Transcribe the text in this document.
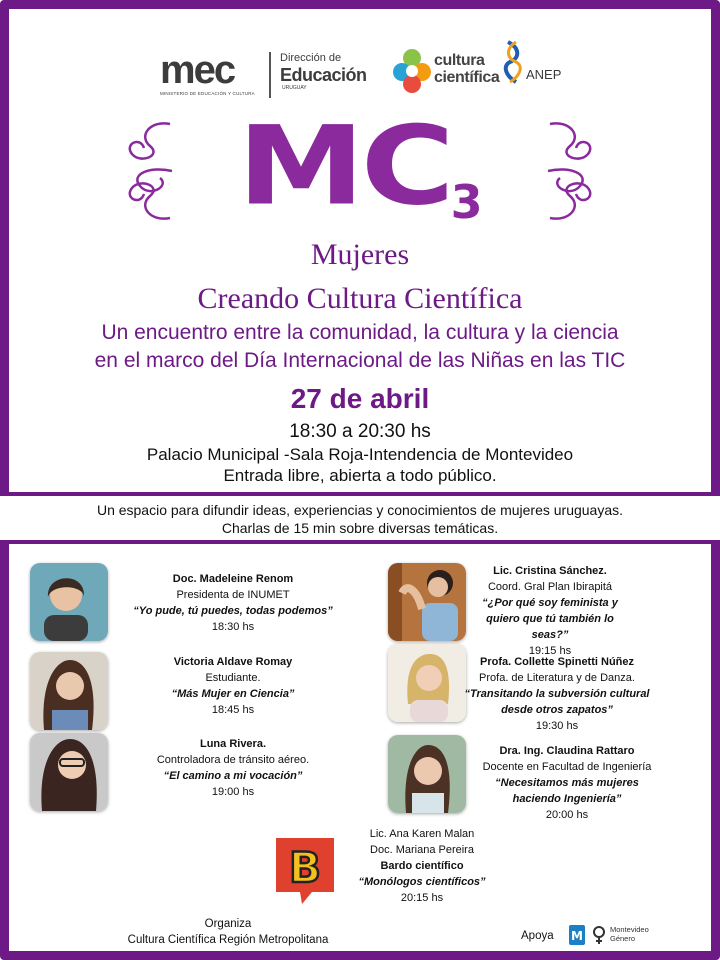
mec
MINISTERIO DE EDUCACIÓN Y CULTURA
Dirección de
Educación
URUGUAY
cultura
científica ANEP
MC3
Mujeres
Creando Cultura Científica
Un encuentro entre la comunidad, la cultura y la ciencia
en el marco del Día Internacional de las Niñas en las TIC
27 de abril
18:30 a 20:30 hs
Palacio Municipal -Sala Roja-Intendencia de Montevideo
Entrada libre, abierta a todo público.
Un espacio para difundir ideas, experiencias y conocimientos de mujeres uruguayas.
Charlas de 15 min sobre diversas temáticas.
Doc. Madeleine Renom
Presidenta de INUMET
“Yo pude, tú puedes, todas podemos”
18:30 hs
Victoria Aldave Romay
Estudiante.
“Más Mujer en Ciencia”
18:45 hs
Luna Rivera.
Controladora de tránsito aéreo.
“El camino a mi vocación”
19:00 hs
Lic. Cristina Sánchez.
Coord. Gral Plan Ibirapitá
“¿Por qué soy feminista y
quiero que tú también lo seas?”
19:15 hs
Profa. Collette Spinetti Núñez
Profa. de Literatura y de Danza.
“Transitando la subversión cultural
desde otros zapatos”
19:30 hs
Dra. Ing. Claudina Rattaro
Docente en Facultad de Ingeniería
“Necesitamos más mujeres
haciendo Ingeniería”
20:00 hs
B
Lic. Ana Karen Malan
Doc. Mariana Pereira
Bardo científico
“Monólogos científicos”
20:15 hs
Organiza
Cultura Científica Región Metropolitana	Apoya M	Montevideo
Género
